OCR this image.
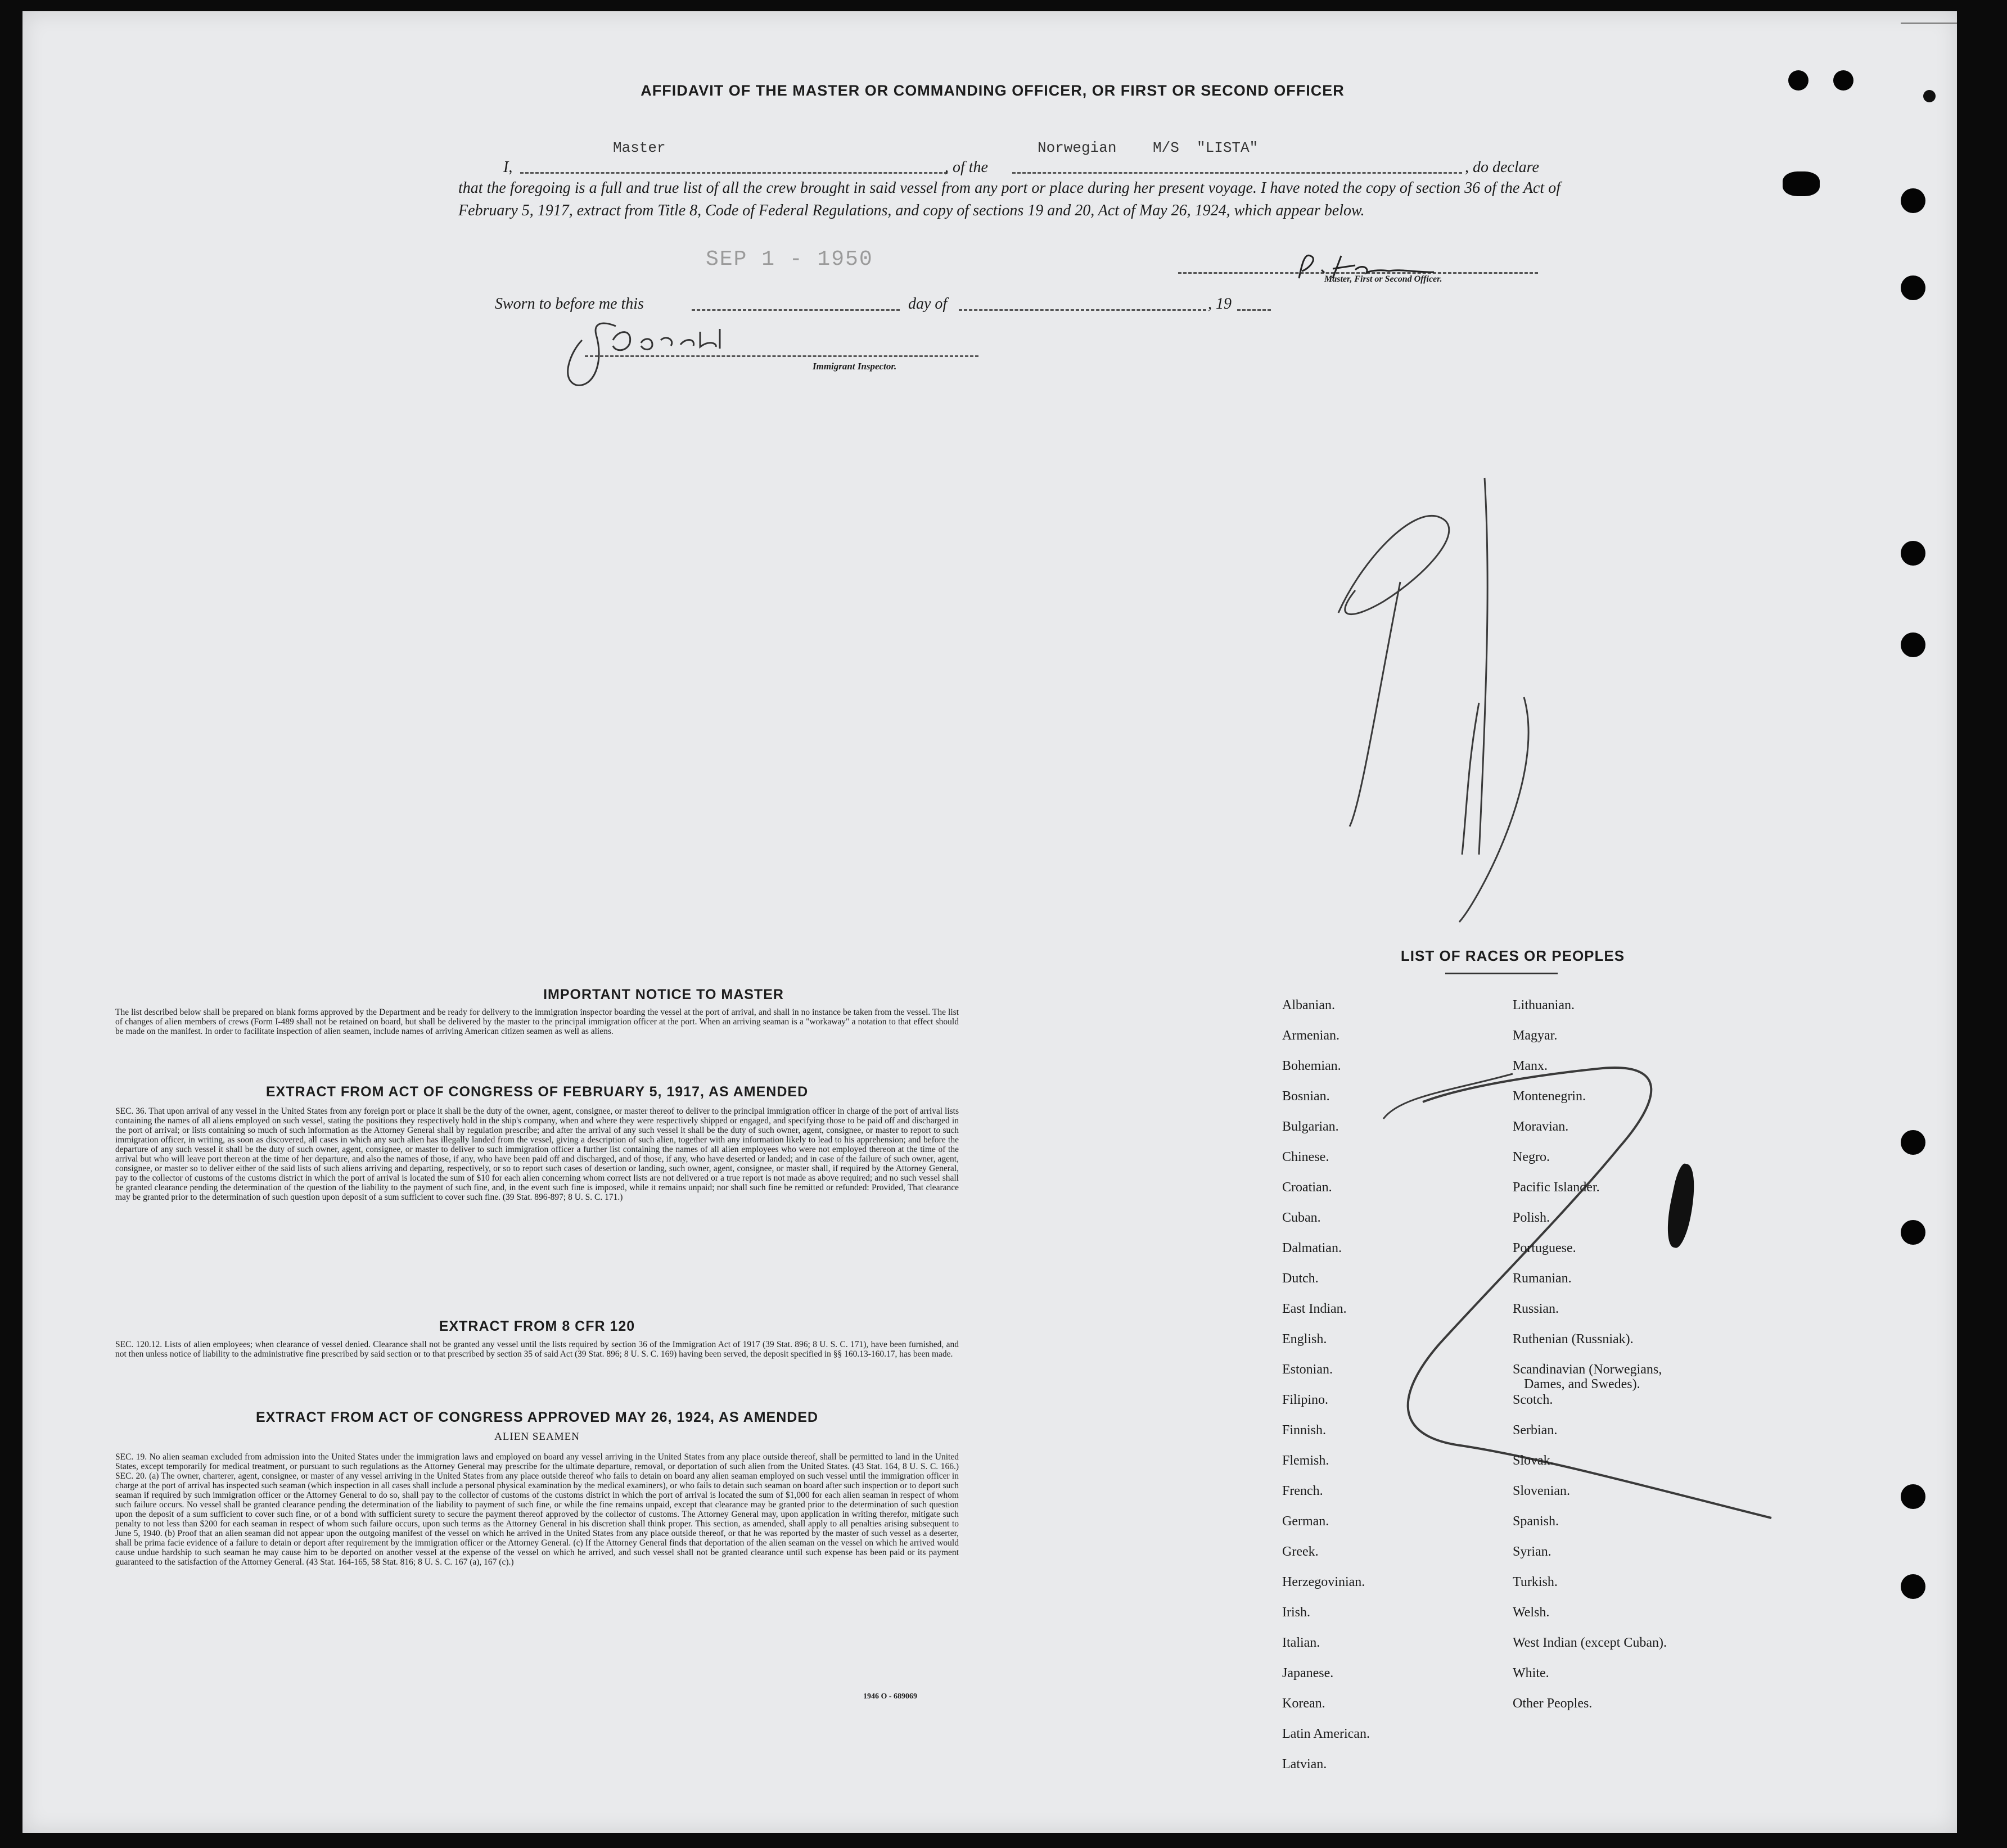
AFFIDAVIT OF THE MASTER OR COMMANDING OFFICER, OR FIRST OR SECOND OFFICER
I,
Master
, of the
Norwegian M/S  "LISTA"
, do declare
that the foregoing is a full and true list of all the crew brought in said vessel from any port or place during her present voyage. I have noted the copy of section 36 of the Act of February 5, 1917, extract from Title 8, Code of Federal Regulations, and copy of sections 19 and 20, Act of May 26, 1924, which appear below.
SEP 1 - 1950
Master, First or Second Officer.
Sworn to before me this	day of	, 19
Immigrant Inspector.
IMPORTANT NOTICE TO MASTER
The list described below shall be prepared on blank forms approved by the Department and be ready for delivery to the immigration inspector boarding the vessel at the port of arrival, and shall in no instance be taken from the vessel. The list of changes of alien members of crews (Form I-489 shall not be retained on board, but shall be delivered by the master to the principal immigration officer at the port. When an arriving seaman is a "workaway" a notation to that effect should be made on the manifest. In order to facilitate inspection of alien seamen, include names of arriving American citizen seamen as well as aliens.
EXTRACT FROM ACT OF CONGRESS OF FEBRUARY 5, 1917, AS AMENDED
SEC. 36. That upon arrival of any vessel in the United States from any foreign port or place it shall be the duty of the owner, agent, consignee, or master thereof to deliver to the principal immigration officer in charge of the port of arrival lists containing the names of all aliens employed on such vessel, stating the positions they respectively hold in the ship's company, when and where they were respectively shipped or engaged, and specifying those to be paid off and discharged in the port of arrival; or lists containing so much of such information as the Attorney General shall by regulation prescribe; and after the arrival of any such vessel it shall be the duty of such owner, agent, consignee, or master to report to such immigration officer, in writing, as soon as discovered, all cases in which any such alien has illegally landed from the vessel, giving a description of such alien, together with any information likely to lead to his apprehension; and before the departure of any such vessel it shall be the duty of such owner, agent, consignee, or master to deliver to such immigration officer a further list containing the names of all alien employees who were not employed thereon at the time of the arrival but who will leave port thereon at the time of her departure, and also the names of those, if any, who have been paid off and discharged, and of those, if any, who have deserted or landed; and in case of the failure of such owner, agent, consignee, or master so to deliver either of the said lists of such aliens arriving and departing, respectively, or so to report such cases of desertion or landing, such owner, agent, consignee, or master shall, if required by the Attorney General, pay to the collector of customs of the customs district in which the port of arrival is located the sum of $10 for each alien concerning whom correct lists are not delivered or a true report is not made as above required; and no such vessel shall be granted clearance pending the determination of the question of the liability to the payment of such fine, and, in the event such fine is imposed, while it remains unpaid; nor shall such fine be remitted or refunded: Provided, That clearance may be granted prior to the determination of such question upon deposit of a sum sufficient to cover such fine. (39 Stat. 896-897; 8 U. S. C. 171.)
EXTRACT FROM 8 CFR 120
SEC. 120.12. Lists of alien employees; when clearance of vessel denied. Clearance shall not be granted any vessel until the lists required by section 36 of the Immigration Act of 1917 (39 Stat. 896; 8 U. S. C. 171), have been furnished, and not then unless notice of liability to the administrative fine prescribed by said section or to that prescribed by section 35 of said Act (39 Stat. 896; 8 U. S. C. 169) having been served, the deposit specified in §§ 160.13-160.17, has been made.
EXTRACT FROM ACT OF CONGRESS APPROVED MAY 26, 1924, AS AMENDED
ALIEN SEAMEN
SEC. 19. No alien seaman excluded from admission into the United States under the immigration laws and employed on board any vessel arriving in the United States from any place outside thereof, shall be permitted to land in the United States, except temporarily for medical treatment, or pursuant to such regulations as the Attorney General may prescribe for the ultimate departure, removal, or deportation of such alien from the United States. (43 Stat. 164, 8 U. S. C. 166.) SEC. 20. (a) The owner, charterer, agent, consignee, or master of any vessel arriving in the United States from any place outside thereof who fails to detain on board any alien seaman employed on such vessel until the immigration officer in charge at the port of arrival has inspected such seaman (which inspection in all cases shall include a personal physical examination by the medical examiners), or who fails to detain such seaman on board after such inspection or to deport such seaman if required by such immigration officer or the Attorney General to do so, shall pay to the collector of customs of the customs district in which the port of arrival is located the sum of $1,000 for each alien seaman in respect of whom such failure occurs. No vessel shall be granted clearance pending the determination of the liability to payment of such fine, or while the fine remains unpaid, except that clearance may be granted prior to the determination of such question upon the deposit of a sum sufficient to cover such fine, or of a bond with sufficient surety to secure the payment thereof approved by the collector of customs. The Attorney General may, upon application in writing therefor, mitigate such penalty to not less than $200 for each seaman in respect of whom such failure occurs, upon such terms as the Attorney General in his discretion shall think proper. This section, as amended, shall apply to all penalties arising subsequent to June 5, 1940. (b) Proof that an alien seaman did not appear upon the outgoing manifest of the vessel on which he arrived in the United States from any place outside thereof, or that he was reported by the master of such vessel as a deserter, shall be prima facie evidence of a failure to detain or deport after requirement by the immigration officer or the Attorney General. (c) If the Attorney General finds that deportation of the alien seaman on the vessel on which he arrived would cause undue hardship to such seaman he may cause him to be deported on another vessel at the expense of the vessel on which he arrived, and such vessel shall not be granted clearance until such expense has been paid or its payment guaranteed to the satisfaction of the Attorney General. (43 Stat. 164-165, 58 Stat. 816; 8 U. S. C. 167 (a), 167 (c).)
1946 O - 689069
LIST OF RACES OR PEOPLES
Albanian.
Armenian.
Bohemian.
Bosnian.
Bulgarian.
Chinese.
Croatian.
Cuban.
Dalmatian.
Dutch.
East Indian.
English.
Estonian.
Filipino.
Finnish.
Flemish.
French.
German.
Greek.
Herzegovinian.
Irish.
Italian.
Japanese.
Korean.
Latin American.
Latvian.
Lithuanian.
Magyar.
Manx.
Montenegrin.
Moravian.
Negro.
Pacific Islander.
Polish.
Portuguese.
Rumanian.
Russian.
Ruthenian (Russniak).
Scandinavian (Norwegians,
Dames, and Swedes).
Scotch.
Serbian.
Slovak.
Slovenian.
Spanish.
Syrian.
Turkish.
Welsh.
West Indian (except Cuban).
White.
Other Peoples.
